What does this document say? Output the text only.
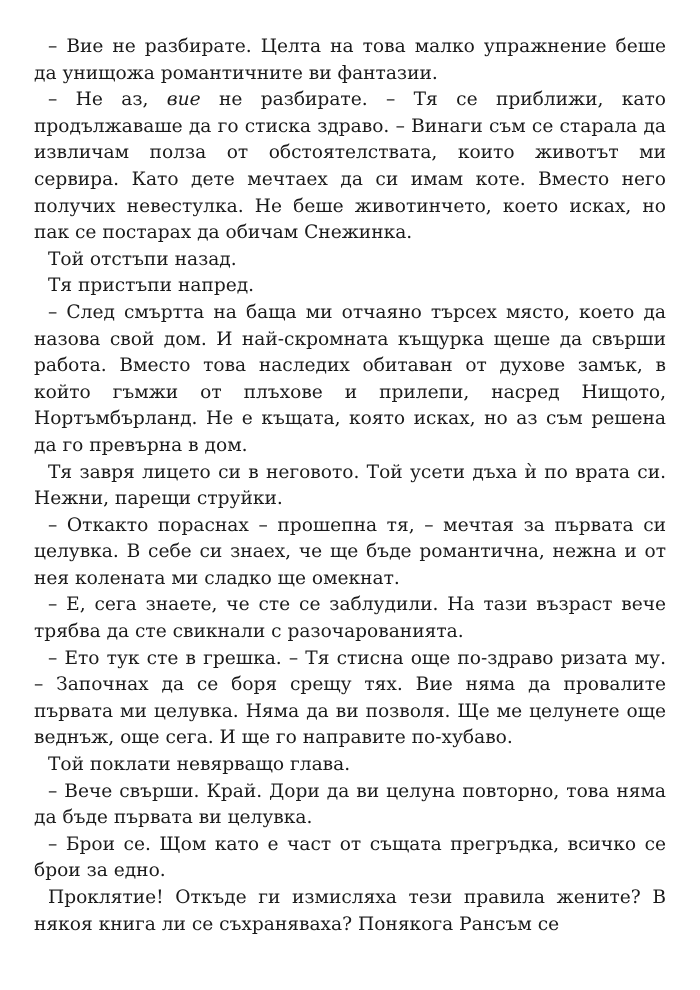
– Вие не разбирате. Целта на това малко упражнение беше да унищожа романтичните ви фантазии.

– Не аз, вие не разбирате. – Тя се приближи, като продължаваше да го стиска здраво. – Винаги съм се старала да извличам полза от обстоятелствата, които животът ми сервира. Като дете мечтаех да си имам коте. Вместо него получих невестулка. Не беше животинчето, което исках, но пак се постарах да обичам Снежинка.

Той отстъпи назад.

Тя пристъпи напред.

– След смъртта на баща ми отчаяно търсех място, което да назова свой дом. И най-скромната къщурка щеше да свърши работа. Вместо това наследих обитаван от духове замък, в който гъмжи от плъхове и прилепи, насред Нищото, Нортъмбърланд. Не е къщата, която исках, но аз съм решена да го превърна в дом.

Тя завря лицето си в неговото. Той усети дъха ѝ по врата си. Нежни, парещи струйки.

– Откакто пораснах – прошепна тя, – мечтая за първата си целувка. В себе си знаех, че ще бъде романтична, нежна и от нея колената ми сладко ще омекнат.

– Е, сега знаете, че сте се заблудили. На тази възраст вече трябва да сте свикнали с разочарованията.

– Ето тук сте в грешка. – Тя стисна още по-здраво ризата му. – Започнах да се боря срещу тях. Вие няма да провалите първата ми целувка. Няма да ви позволя. Ще ме целунете още веднъж, още сега. И ще го направите по-хубаво.

Той поклати невярващо глава.

– Вече свърши. Край. Дори да ви целуна повторно, това няма да бъде първата ви целувка.

– Брои се. Щом като е част от същата прегръдка, всичко се брои за едно.

Проклятие! Откъде ги измисляха тези правила жените? В някоя книга ли се съхраняваха? Понякога Рансъм се
